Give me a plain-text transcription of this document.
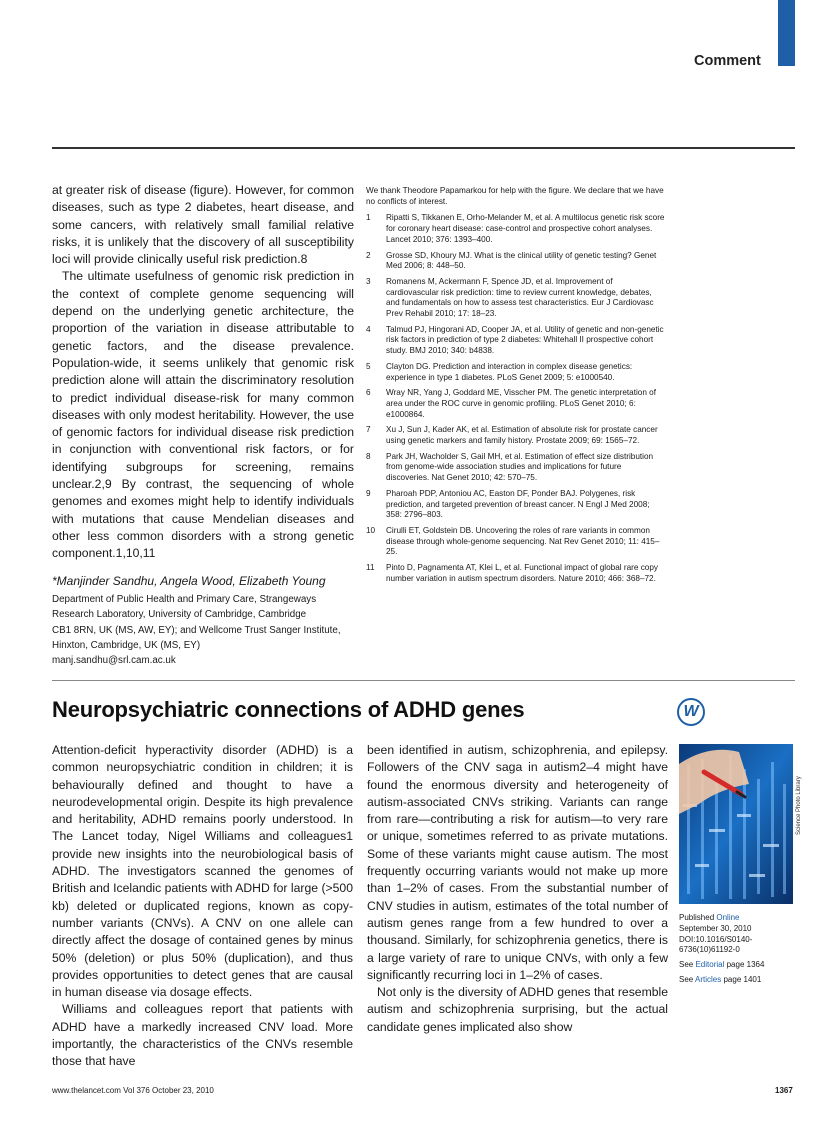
Comment

at greater risk of disease (figure). However, for common diseases, such as type 2 diabetes, heart disease, and some cancers, with relatively small familial relative risks, it is unlikely that the discovery of all susceptibility loci will provide clinically useful risk prediction.8

The ultimate usefulness of genomic risk prediction in the context of complete genome sequencing will depend on the underlying genetic architecture, the proportion of the variation in disease attributable to genetic factors, and the disease prevalence. Population-wide, it seems unlikely that genomic risk prediction alone will attain the discriminatory resolution to predict individual disease-risk for many common diseases with only modest heritability. However, the use of genomic factors for individual disease risk prediction in conjunction with conventional risk factors, or for identifying subgroups for screening, remains unclear.2,9 By contrast, the sequencing of whole genomes and exomes might help to identify individuals with mutations that cause Mendelian diseases and other less common disorders with a strong genetic component.1,10,11

*Manjinder Sandhu, Angela Wood, Elizabeth Young

Department of Public Health and Primary Care, Strangeways

Research Laboratory, University of Cambridge, Cambridge

CB1 8RN, UK (MS, AW, EY); and Wellcome Trust Sanger Institute,

Hinxton, Cambridge, UK (MS, EY)

manj.sandhu@srl.cam.ac.uk

We thank Theodore Papamarkou for help with the figure. We declare that we have no conflicts of interest.

1	Ripatti S, Tikkanen E, Orho-Melander M, et al. A multilocus genetic risk score for coronary heart disease: case-control and prospective cohort analyses. Lancet 2010; 376: 1393–400.
2	Grosse SD, Khoury MJ. What is the clinical utility of genetic testing? Genet Med 2006; 8: 448–50.
3	Romanens M, Ackermann F, Spence JD, et al. Improvement of cardiovascular risk prediction: time to review current knowledge, debates, and fundamentals on how to assess test characteristics. Eur J Cardiovasc Prev Rehabil 2010; 17: 18–23.
4	Talmud PJ, Hingorani AD, Cooper JA, et al. Utility of genetic and non-genetic risk factors in prediction of type 2 diabetes: Whitehall II prospective cohort study. BMJ 2010; 340: b4838.
5	Clayton DG. Prediction and interaction in complex disease genetics: experience in type 1 diabetes. PLoS Genet 2009; 5: e1000540.
6	Wray NR, Yang J, Goddard ME, Visscher PM. The genetic interpretation of area under the ROC curve in genomic profiling. PLoS Genet 2010; 6: e1000864.
7	Xu J, Sun J, Kader AK, et al. Estimation of absolute risk for prostate cancer using genetic markers and family history. Prostate 2009; 69: 1565–72.
8	Park JH, Wacholder S, Gail MH, et al. Estimation of effect size distribution from genome-wide association studies and implications for future discoveries. Nat Genet 2010; 42: 570–75.
9	Pharoah PDP, Antoniou AC, Easton DF, Ponder BAJ. Polygenes, risk prediction, and targeted prevention of breast cancer. N Engl J Med 2008; 358: 2796–803.
10	Cirulli ET, Goldstein DB. Uncovering the roles of rare variants in common disease through whole-genome sequencing. Nat Rev Genet 2010; 11: 415–25.
11	Pinto D, Pagnamenta AT, Klei L, et al. Functional impact of global rare copy number variation in autism spectrum disorders. Nature 2010; 466: 368–72.
Neuropsychiatric connections of ADHD genes	W

Attention-deficit hyperactivity disorder (ADHD) is a common neuropsychiatric condition in children; it is behaviourally defined and thought to have a neurodevelopmental origin. Despite its high prevalence and heritability, ADHD remains poorly understood. In The Lancet today, Nigel Williams and colleagues1 provide new insights into the neurobiological basis of ADHD. The investigators scanned the genomes of British and Icelandic patients with ADHD for large (>500 kb) deleted or duplicated regions, known as copy-number variants (CNVs). A CNV on one allele can directly affect the dosage of contained genes by minus 50% (deletion) or plus 50% (duplication), and thus provides opportunities to detect genes that are causal in human disease via dosage effects.

Williams and colleagues report that patients with ADHD have a markedly increased CNV load. More importantly, the characteristics of the CNVs resemble those that have

been identified in autism, schizophrenia, and epilepsy. Followers of the CNV saga in autism2–4 might have found the enormous diversity and heterogeneity of autism-associated CNVs striking. Variants can range from rare—contributing a risk for autism—to very rare or unique, sometimes referred to as private mutations. Some of these variants might cause autism. The most frequently occurring variants would not make up more than 1–2% of cases. From the substantial number of CNV studies in autism, estimates of the total number of autism genes range from a few hundred to over a thousand. Similarly, for schizophrenia genetics, there is a large variety of rare to unique CNVs, with only a few significantly recurring loci in 1–2% of cases.

Not only is the diversity of ADHD genes that resemble autism and schizophrenia surprising, but the actual candidate genes implicated also show

Science Photo Library

Published Online
September 30, 2010
DOI:10.1016/S0140-6736(10)61192-0

See Editorial page 1364

See Articles page 1401

www.thelancet.com Vol 376 October 23, 2010	1367
